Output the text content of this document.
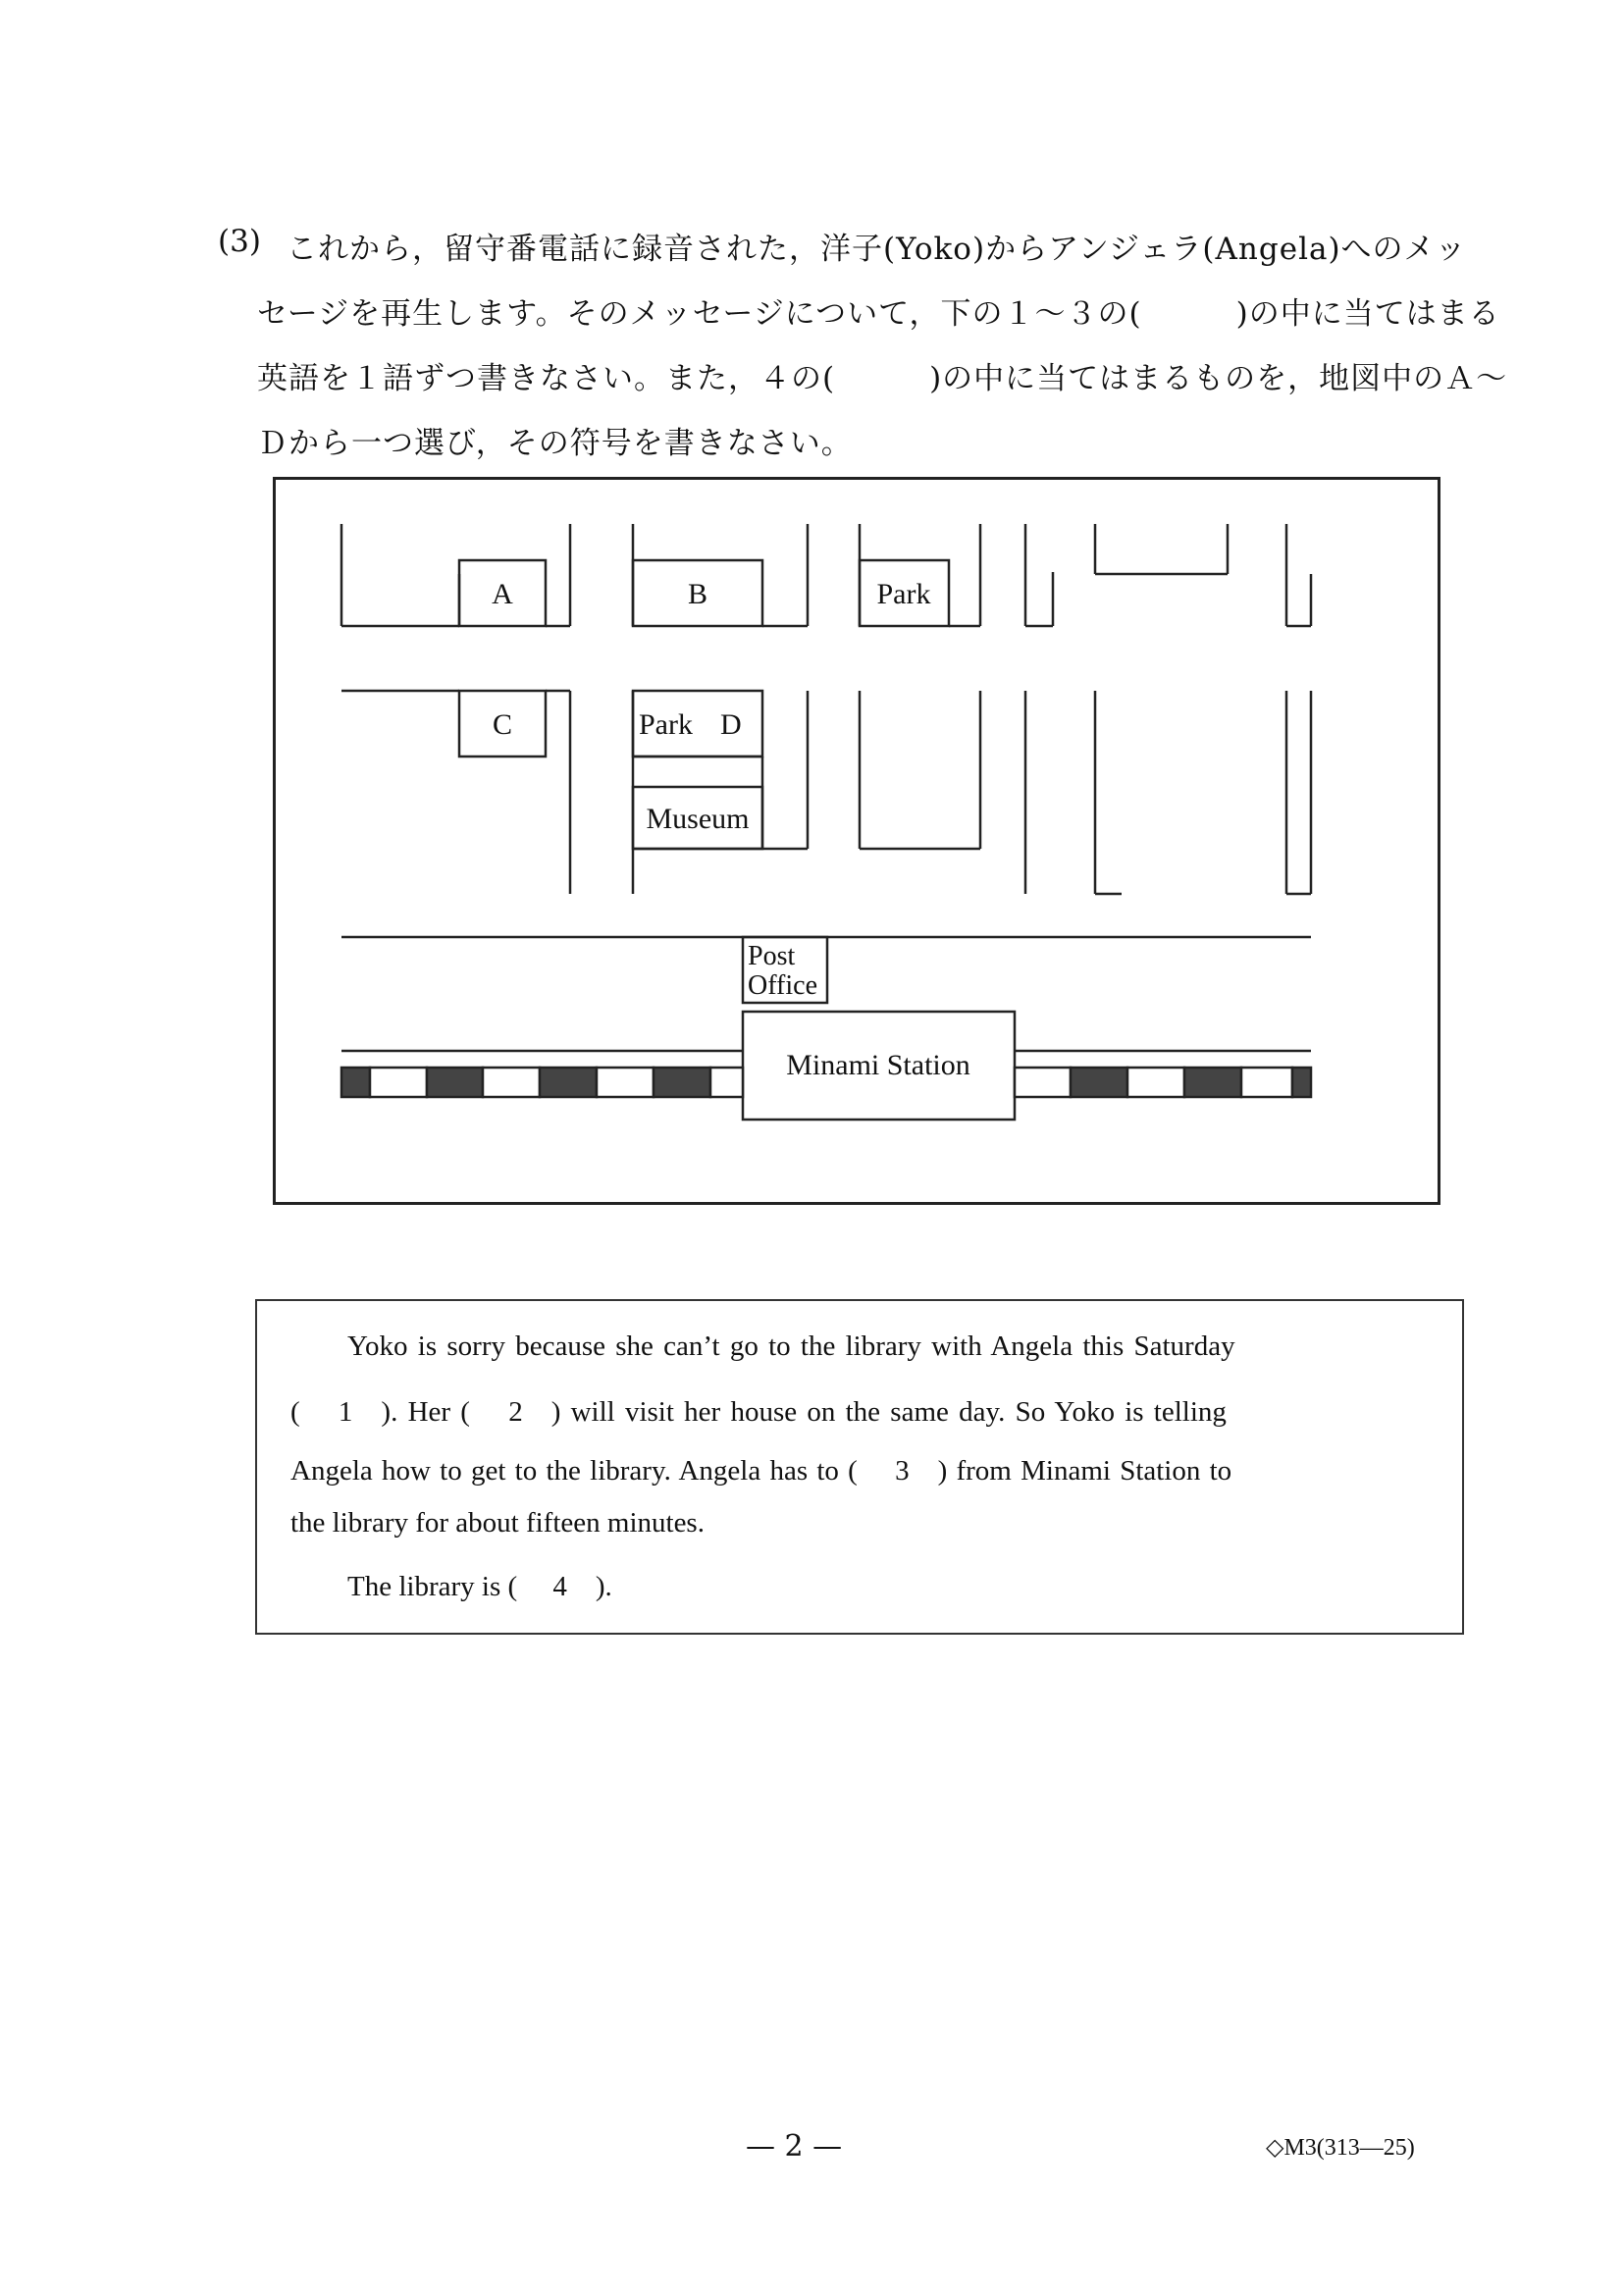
(3) これから，留守番電話に録音された，洋子(Yoko)からアンジェラ(Angela)へのメッ
セージを再生します。そのメッセージについて，下の１～３の(　　　)の中に当てはまる
英語を１語ずつ書きなさい。また，４の(　　　)の中に当てはまるものを，地図中のＡ～
Ｄから一つ選び，その符号を書きなさい。
A	B	Park
C	Park D
Museum
Post
Office
Minami Station
Yoko is sorry because she can’t go to the library with Angela this Saturday
(　 1　). Her (　 2　) will visit her house on the same day. So Yoko is telling
Angela how to get to the library. Angela has to (　 3　) from Minami Station to
the library for about fifteen minutes.
The library is (　 4　).
— 2 —	◇M3(313—25)
